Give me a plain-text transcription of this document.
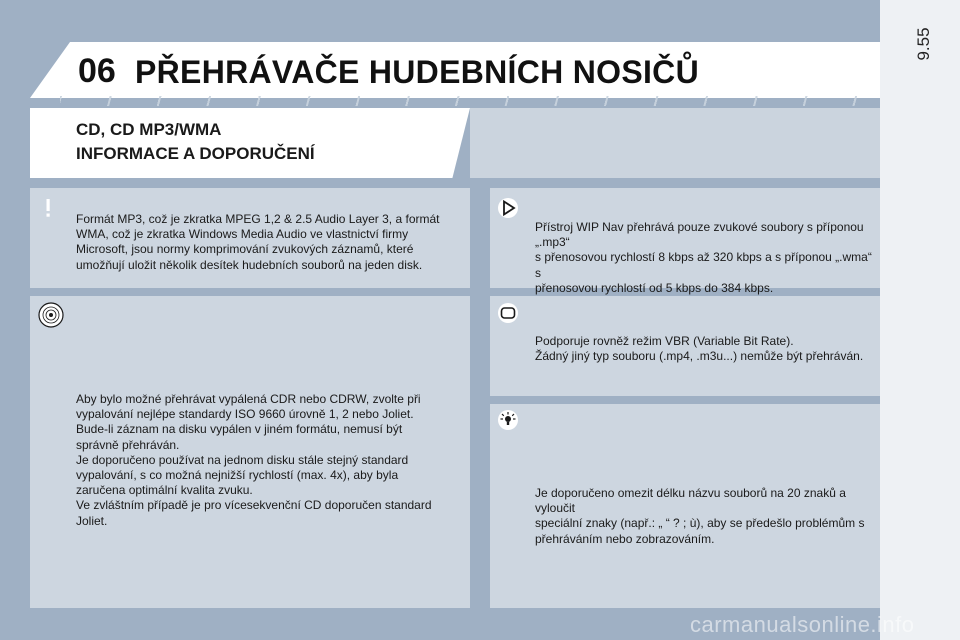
9.55
06 PŘEHRÁVAČE HUDEBNÍCH NOSIČŮ
CD, CD MP3/WMA
INFORMACE A DOPORUČENÍ
Formát MP3, což je zkratka MPEG 1,2 & 2.5 Audio Layer 3, a formát
WMA, což je zkratka Windows Media Audio ve vlastnictví firmy
Microsoft, jsou normy komprimování zvukových záznamů, které
umožňují uložit několik desítek hudebních souborů na jeden disk.
Přístroj WIP Nav přehrává pouze zvukové soubory s příponou „.mp3“
s přenosovou rychlostí 8 kbps až 320 kbps a s příponou „.wma“ s
přenosovou rychlostí od 5 kbps do 384 kbps.
Aby bylo možné přehrávat vypálená CDR nebo CDRW, zvolte při
vypalování nejlépe standardy ISO 9660 úrovně 1, 2 nebo Joliet.
Bude-li záznam na disku vypálen v jiném formátu, nemusí být
správně přehráván.
Je doporučeno používat na jednom disku stále stejný standard
vypalování, s co možná nejnižší rychlostí (max. 4x), aby byla
zaručena optimální kvalita zvuku.
Ve zvláštním případě je pro vícesekvenční CD doporučen standard
Joliet.
Podporuje rovněž režim VBR (Variable Bit Rate).
Žádný jiný typ souboru (.mp4, .m3u...) nemůže být přehráván.
Je doporučeno omezit délku názvu souborů na 20 znaků a vyloučit
speciální znaky (např.: „ “ ? ; ù), aby se předešlo problémům s
přehráváním nebo zobrazováním.
carmanualsonline.info
